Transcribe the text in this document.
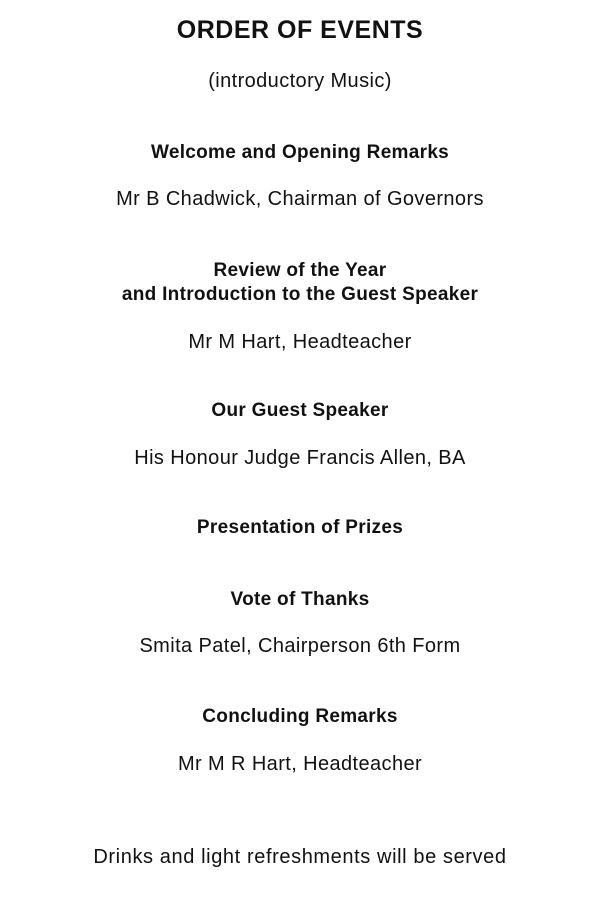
ORDER OF EVENTS
(introductory Music)
Welcome and Opening Remarks
Mr B Chadwick, Chairman of Governors
Review of the Year
and Introduction to the Guest Speaker
Mr M Hart, Headteacher
Our Guest Speaker
His Honour Judge Francis Allen, BA
Presentation of Prizes
Vote of Thanks
Smita Patel, Chairperson 6th Form
Concluding Remarks
Mr M R Hart, Headteacher
Drinks and light refreshments will be served
